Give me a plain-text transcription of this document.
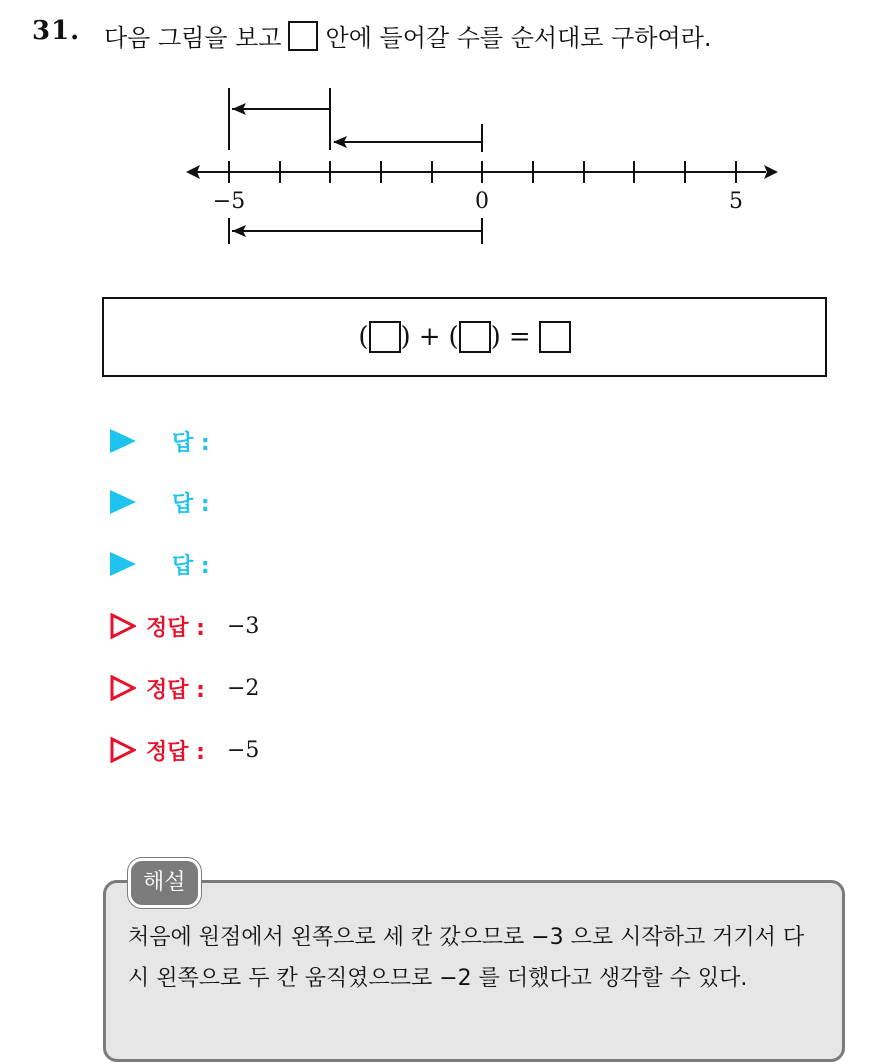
31. 다음 그림을 보고 안에 들어갈 수를 순서대로 구하여라.
−5	0	5
( ) + ( ) =
답 :
답 :
답 :
정답 : −3
정답 : −2
정답 : −5
해설
처음에 원점에서 왼쪽으로 세 칸 갔으므로 −3 으로 시작하고 거기서 다시 왼쪽으로 두 칸 움직였으므로 −2 를 더했다고 생각할 수 있다.
